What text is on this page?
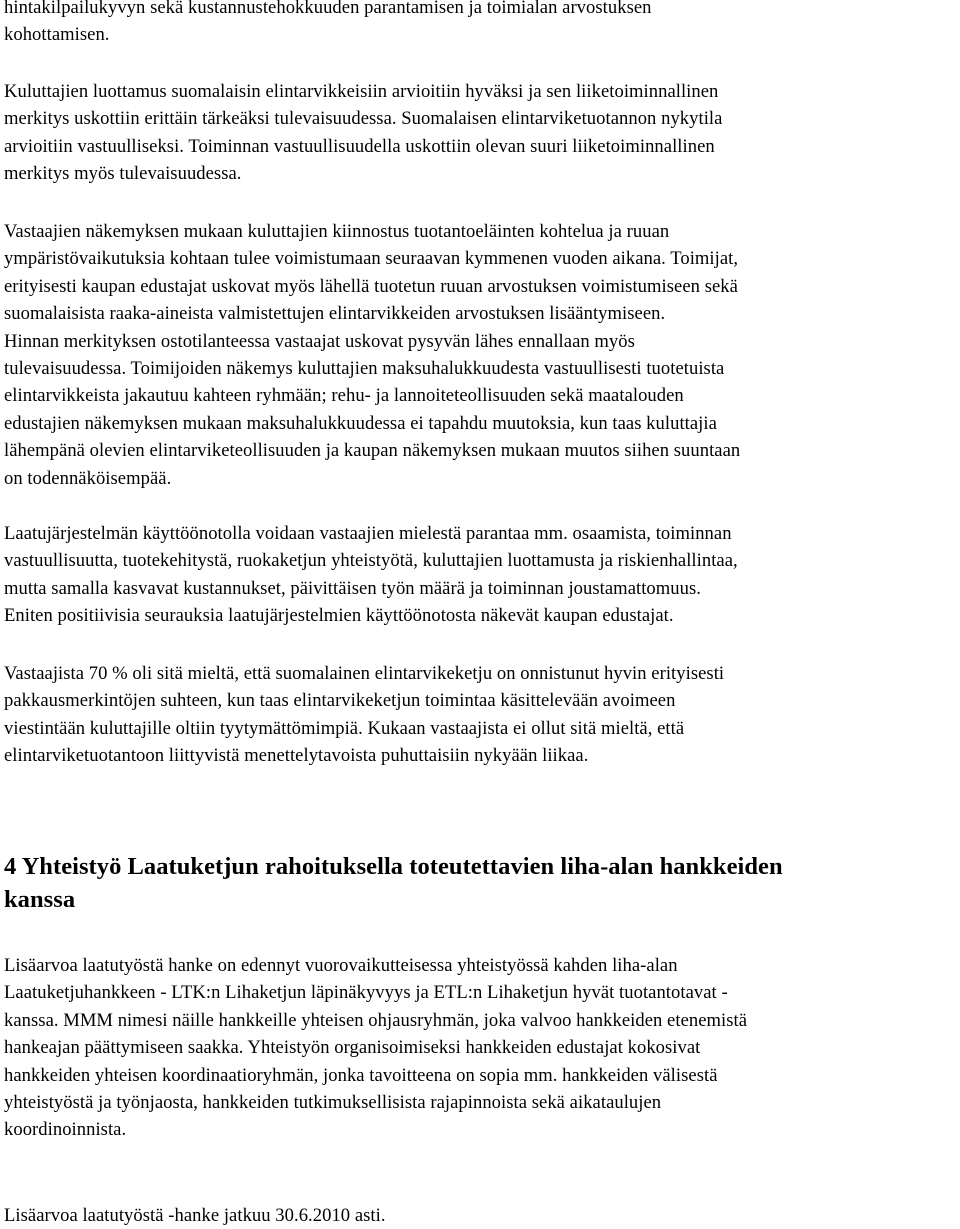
hintakilpailukyvyn sekä kustannustehokkuuden parantamisen ja toimialan arvostuksen
kohottamisen.

Kuluttajien luottamus suomalaisin elintarvikkeisiin arvioitiin hyväksi ja sen liiketoiminnallinen
merkitys uskottiin erittäin tärkeäksi tulevaisuudessa. Suomalaisen elintarviketuotannon nykytila
arvioitiin vastuulliseksi. Toiminnan vastuullisuudella uskottiin olevan suuri liiketoiminnallinen
merkitys myös tulevaisuudessa.

Vastaajien näkemyksen mukaan kuluttajien kiinnostus tuotantoeläinten kohtelua ja ruuan
ympäristövaikutuksia kohtaan tulee voimistumaan seuraavan kymmenen vuoden aikana. Toimijat,
erityisesti kaupan edustajat uskovat myös lähellä tuotetun ruuan arvostuksen voimistumiseen sekä
suomalaisista raaka-aineista valmistettujen elintarvikkeiden arvostuksen lisääntymiseen.
Hinnan merkityksen ostotilanteessa vastaajat uskovat pysyvän lähes ennallaan myös
tulevaisuudessa. Toimijoiden näkemys kuluttajien maksuhalukkuudesta vastuullisesti tuotetuista
elintarvikkeista jakautuu kahteen ryhmään; rehu- ja lannoiteteollisuuden sekä maatalouden
edustajien näkemyksen mukaan maksuhalukkuudessa ei tapahdu muutoksia, kun taas kuluttajia
lähempänä olevien elintarviketeollisuuden ja kaupan näkemyksen mukaan muutos siihen suuntaan
on todennäköisempää.

Laatujärjestelmän käyttöönotolla voidaan vastaajien mielestä parantaa mm. osaamista, toiminnan
vastuullisuutta, tuotekehitystä, ruokaketjun yhteistyötä, kuluttajien luottamusta ja riskienhallintaa,
mutta samalla kasvavat kustannukset, päivittäisen työn määrä ja toiminnan joustamattomuus.
Eniten positiivisia seurauksia laatujärjestelmien käyttöönotosta näkevät kaupan edustajat.

Vastaajista 70 % oli sitä mieltä, että suomalainen elintarvikeketju on onnistunut hyvin erityisesti
pakkausmerkintöjen suhteen, kun taas elintarvikeketjun toimintaa käsittelevään avoimeen
viestintään kuluttajille oltiin tyytymättömimpiä. Kukaan vastaajista ei ollut sitä mieltä, että
elintarviketuotantoon liittyvistä menettelytavoista puhuttaisiin nykyään liikaa.

4 Yhteistyö Laatuketjun rahoituksella toteutettavien liha-alan hankkeiden
kanssa

Lisäarvoa laatutyöstä hanke on edennyt vuorovaikutteisessa yhteistyössä kahden liha-alan
Laatuketjuhankkeen - LTK:n Lihaketjun läpinäkyvyys ja ETL:n Lihaketjun hyvät tuotantotavat -
kanssa. MMM nimesi näille hankkeille yhteisen ohjausryhmän, joka valvoo hankkeiden etenemistä
hankeajan päättymiseen saakka. Yhteistyön organisoimiseksi hankkeiden edustajat kokosivat
hankkeiden yhteisen koordinaatioryhmän, jonka tavoitteena on sopia mm. hankkeiden välisestä
yhteistyöstä ja työnjaosta, hankkeiden tutkimuksellisista rajapinnoista sekä aikataulujen
koordinoinnista.

Lisäarvoa laatutyöstä -hanke jatkuu 30.6.2010 asti.
